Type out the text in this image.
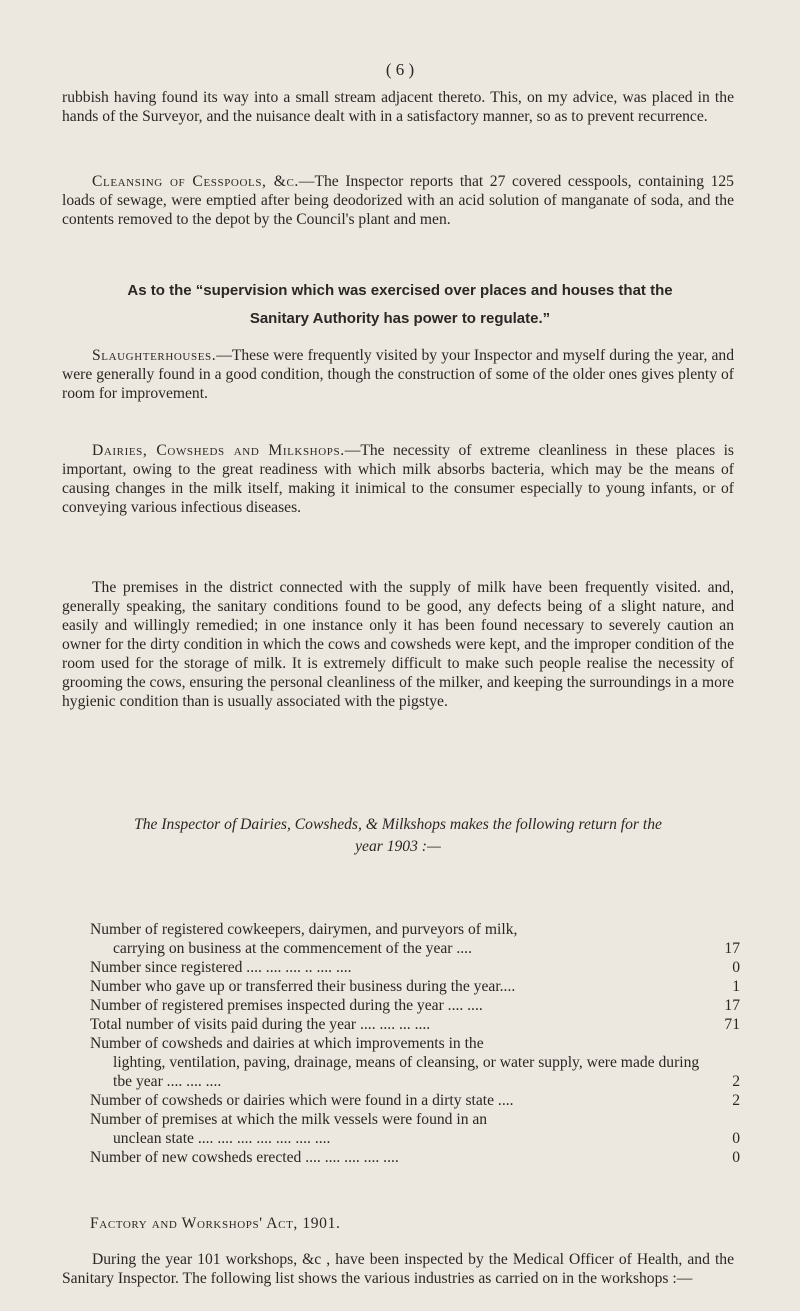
( 6 )

rubbish having found its way into a small stream adjacent thereto. This, on my advice, was placed in the hands of the Surveyor, and the nuisance dealt with in a satisfactory manner, so as to prevent recurrence.

Cleansing of Cesspools, &c.—The Inspector reports that 27 covered cesspools, containing 125 loads of sewage, were emptied after being deodorized with an acid solution of manganate of soda, and the contents removed to the depot by the Council's plant and men.

As to the “supervision which was exercised over places and houses that the

Sanitary Authority has power to regulate.”

Slaughterhouses.—These were frequently visited by your Inspector and myself during the year, and were generally found in a good condition, though the construction of some of the older ones gives plenty of room for improvement.

Dairies, Cowsheds and Milkshops.—The necessity of extreme cleanliness in these places is important, owing to the great readiness with which milk absorbs bacteria, which may be the means of causing changes in the milk itself, making it inimical to the consumer especially to young infants, or of conveying various infectious diseases.

The premises in the district connected with the supply of milk have been frequently visited. and, generally speaking, the sanitary conditions found to be good, any defects being of a slight nature, and easily and willingly remedied; in one instance only it has been found necessary to severely caution an owner for the dirty condition in which the cows and cowsheds were kept, and the improper condition of the room used for the storage of milk. It is extremely difficult to make such people realise the necessity of grooming the cows, ensuring the personal cleanliness of the milker, and keeping the surroundings in a more hygienic condition than is usually associated with the pigstye.

The Inspector of Dairies, Cowsheds, & Milkshops makes the following return for the

year 1903 :—

Number of registered cowkeepers, dairymen, and purveyors of milk,
carrying on business at the commencement of the year ....	17
Number since registered .... .... .... .. .... ....	0
Number who gave up or transferred their business during the year....	1
Number of registered premises inspected during the year .... ....	17
Total number of visits paid during the year .... .... ... ....	71
Number of cowsheds and dairies at which improvements in the
lighting, ventilation, paving, drainage, means of cleansing, or water supply, were made during tbe year .... .... ....	2
Number of cowsheds or dairies which were found in a dirty state ....	2
Number of premises at which the milk vessels were found in an
unclean state .... .... .... .... .... .... ....	0
Number of new cowsheds erected .... .... .... .... ....	0

Factory and Workshops' Act, 1901.

During the year 101 workshops, &c , have been inspected by the Medical Officer of Health, and the Sanitary Inspector. The following list shows the various industries as carried on in the workshops :—
